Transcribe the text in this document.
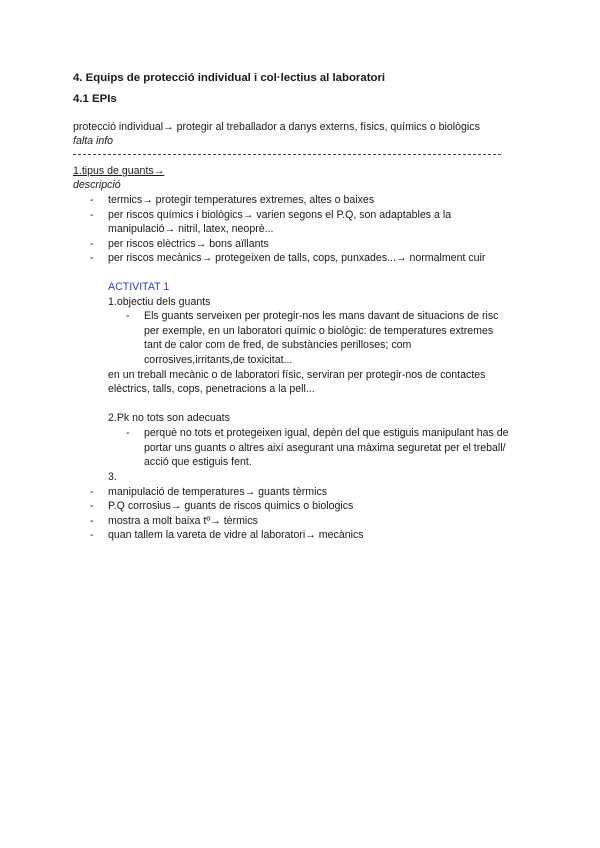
4. Equips de protecció individual i col·lectius al laboratori
4.1 EPIs
protecció individual→ protegir al treballador a danys externs, físics, químics o biològics
falta info
1.tipus de guants→
descripció
- termics→ protegir temperatures extremes, altes o baixes
- per riscos químics i biològics→ varien segons el P.Q, son adaptables a la
manipulació→ nitril, latex, neoprè...
- per riscos elèctrics→ bons aïllants
- per riscos mecànics→ protegeixen de talls, cops, punxades...→ normalment cuir
ACTIVITAT 1
1.objectiu dels guants
- Els guants serveixen per protegir-nos les mans davant de situacions de risc
per exemple, en un laboratori químic o biològic: de temperatures extremes
tant de calor com de fred, de substàncies perilloses; com
corrosives,irritants,de toxicitat...
en un treball mecànic o de laboratori físic, serviran per protegir-nos de contactes
elèctrics, talls, cops, penetracions a la pell...
2.Pk no tots son adecuats
- perquè no tots et protegeixen igual, depèn del que estiguis manipulant has de
portar uns guants o altres així asegurant una màxima seguretat per el treball/
acció que estiguis fent.
3.
- manipulació de temperatures→ guants tèrmics
- P.Q corrosius→ guants de riscos quimics o biologics
- mostra a molt baixa tº→ tèrmics
- quan tallem la vareta de vidre al laboratori→ mecànics
